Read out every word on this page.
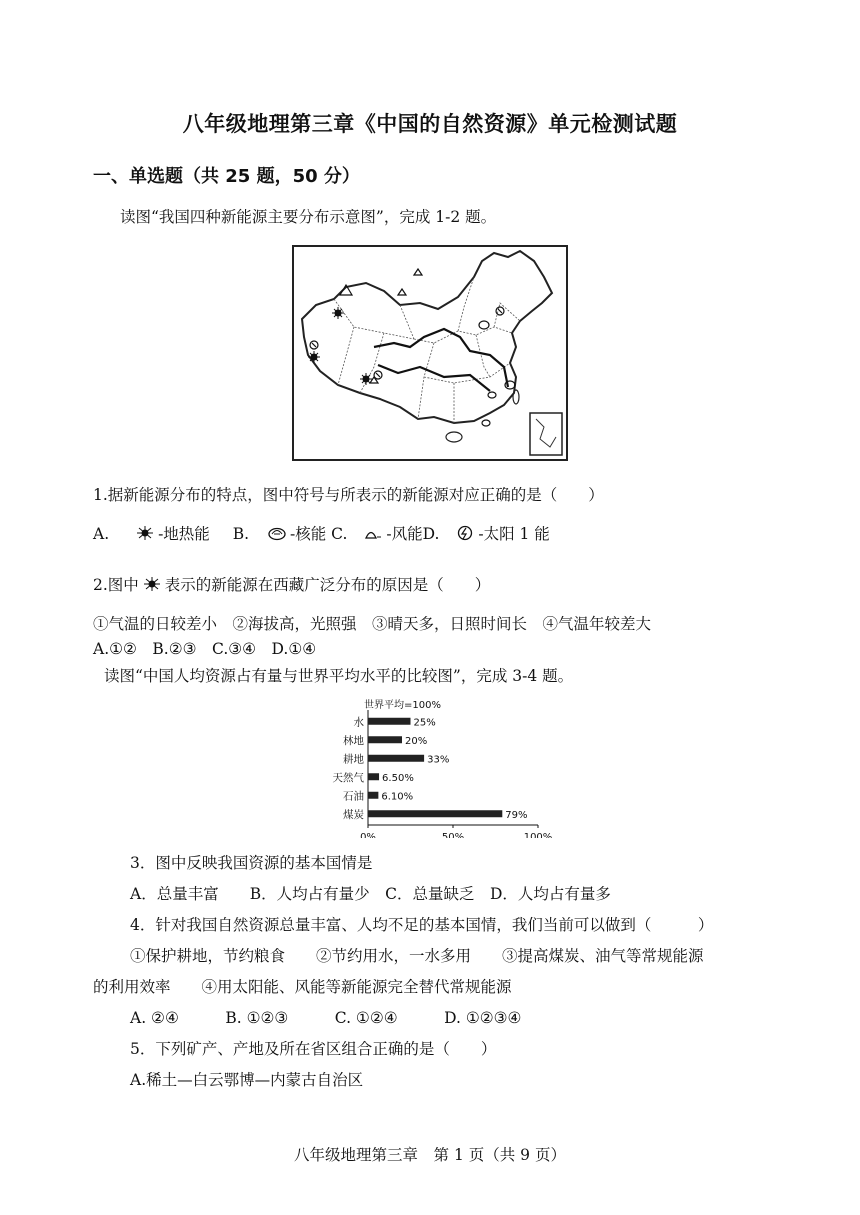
八年级地理第三章《中国的自然资源》单元检测试题
一、单选题（共 25 题，50 分）
读图“我国四种新能源主要分布示意图”，完成 1-2 题。
1.据新能源分布的特点，图中符号与所表示的新能源对应正确的是（　　）
A.	-地热能 B.	-核能 C.	-风能D.	-太阳 1 能
2.图中 表示的新能源在西藏广泛分布的原因是（　　）
①气温的日较差小　②海拔高，光照强　③晴天多，日照时间长　④气温年较差大
A.①②　B.②③　C.③④　D.①④
读图“中国人均资源占有量与世界平均水平的比较图”，完成 3-4 题。
世界平均=100%
水	25%
林地	20%
耕地	33%
天然气 6.50%
石油 6.10%
煤炭	79%
0%	50%	100%
3．图中反映我国资源的基本国情是
A．总量丰富　　B．人均占有量少　C．总量缺乏　D．人均占有量多
4．针对我国自然资源总量丰富、人均不足的基本国情，我们当前可以做到（　　　）
①保护耕地，节约粮食　　②节约用水，一水多用　　③提高煤炭、油气等常规能源
的利用效率　　④用太阳能、风能等新能源完全替代常规能源
A. ②④　　　B. ①②③　　　C. ①②④　　　D. ①②③④
5．下列矿产、产地及所在省区组合正确的是（　　）
A.稀土—白云鄂博—内蒙古自治区
八年级地理第三章　第 1 页（共 9 页）
